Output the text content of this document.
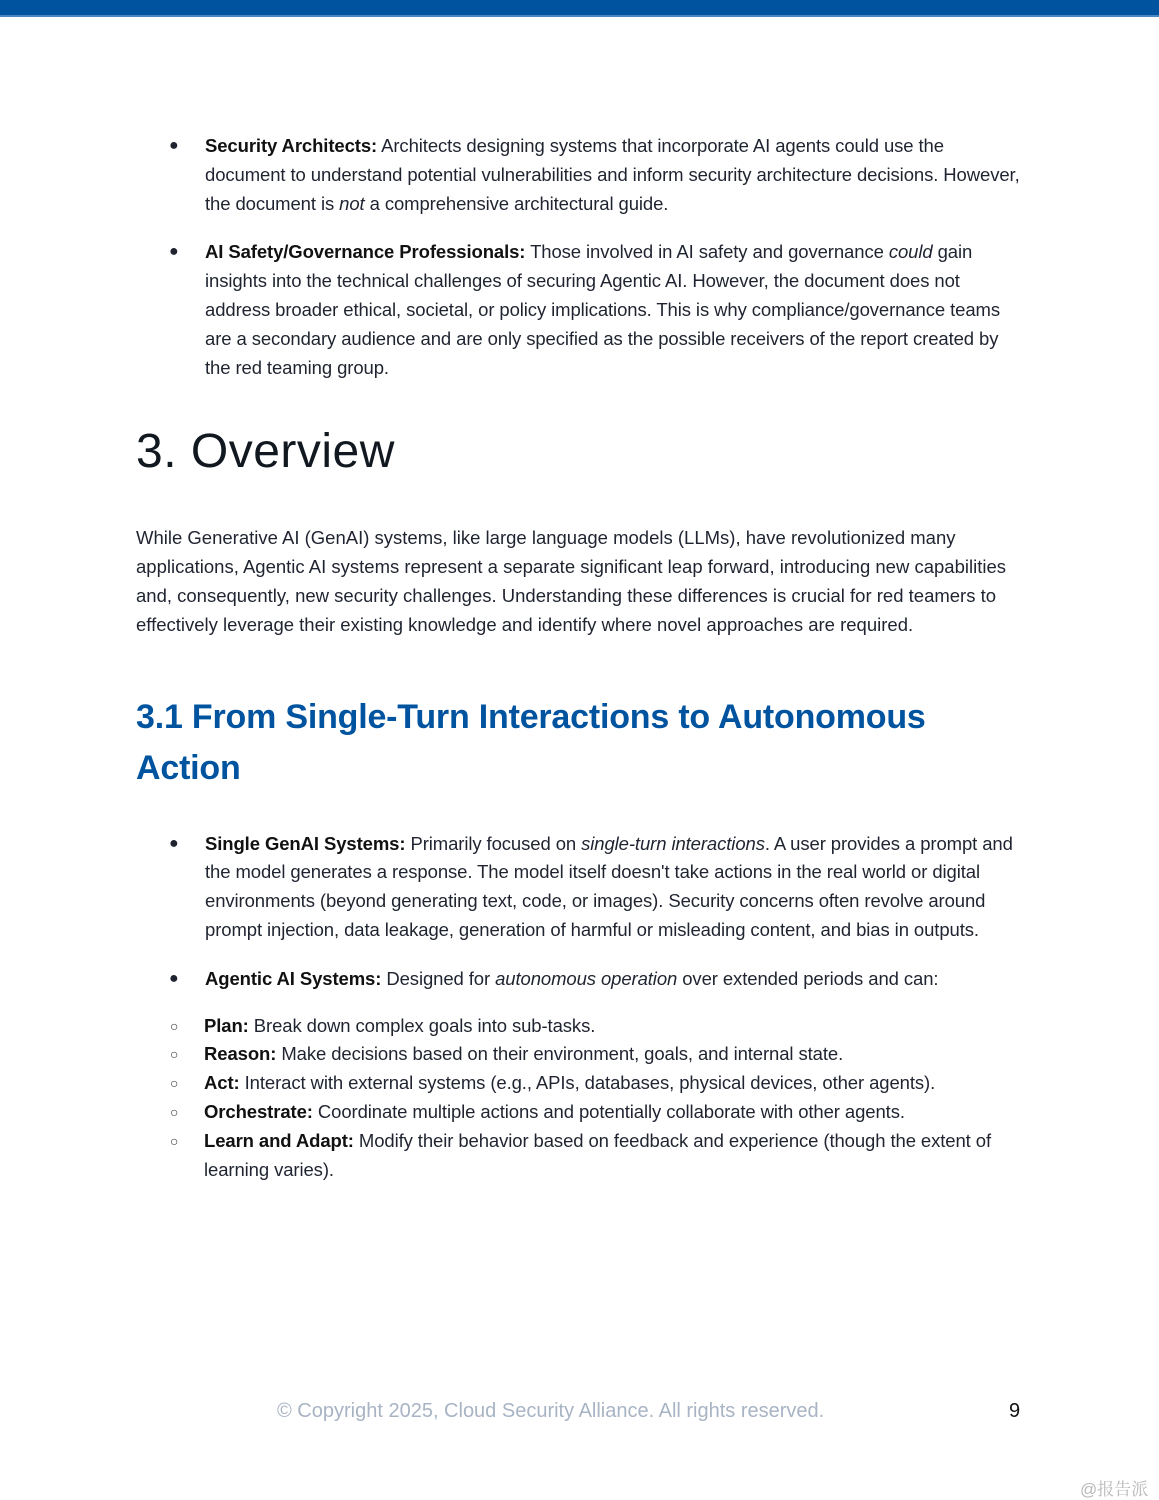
● Security Architects: Architects designing systems that incorporate AI agents could use the document to understand potential vulnerabilities and inform security architecture decisions. However, the document is not a comprehensive architectural guide.
● AI Safety/Governance Professionals: Those involved in AI safety and governance could gain insights into the technical challenges of securing Agentic AI. However, the document does not address broader ethical, societal, or policy implications. This is why compliance/governance teams are a secondary audience and are only specified as the possible receivers of the report created by the red teaming group.
3. Overview

While Generative AI (GenAI) systems, like large language models (LLMs), have revolutionized many applications, Agentic AI systems represent a separate significant leap forward, introducing new capabilities and, consequently, new security challenges. Understanding these differences is crucial for red teamers to effectively leverage their existing knowledge and identify where novel approaches are required.

3.1 From Single-Turn Interactions to Autonomous Action
● Single GenAI Systems: Primarily focused on single-turn interactions. A user provides a prompt and the model generates a response. The model itself doesn't take actions in the real world or digital environments (beyond generating text, code, or images). Security concerns often revolve around prompt injection, data leakage, generation of harmful or misleading content, and bias in outputs.
● Agentic AI Systems: Designed for autonomous operation over extended periods and can:
○ Plan: Break down complex goals into sub-tasks.
○ Reason: Make decisions based on their environment, goals, and internal state.
○ Act: Interact with external systems (e.g., APIs, databases, physical devices, other agents).
○ Orchestrate: Coordinate multiple actions and potentially collaborate with other agents.
○ Learn and Adapt: Modify their behavior based on feedback and experience (though the extent of learning varies).
© Copyright 2025, Cloud Security Alliance. All rights reserved.	9
@报告派
